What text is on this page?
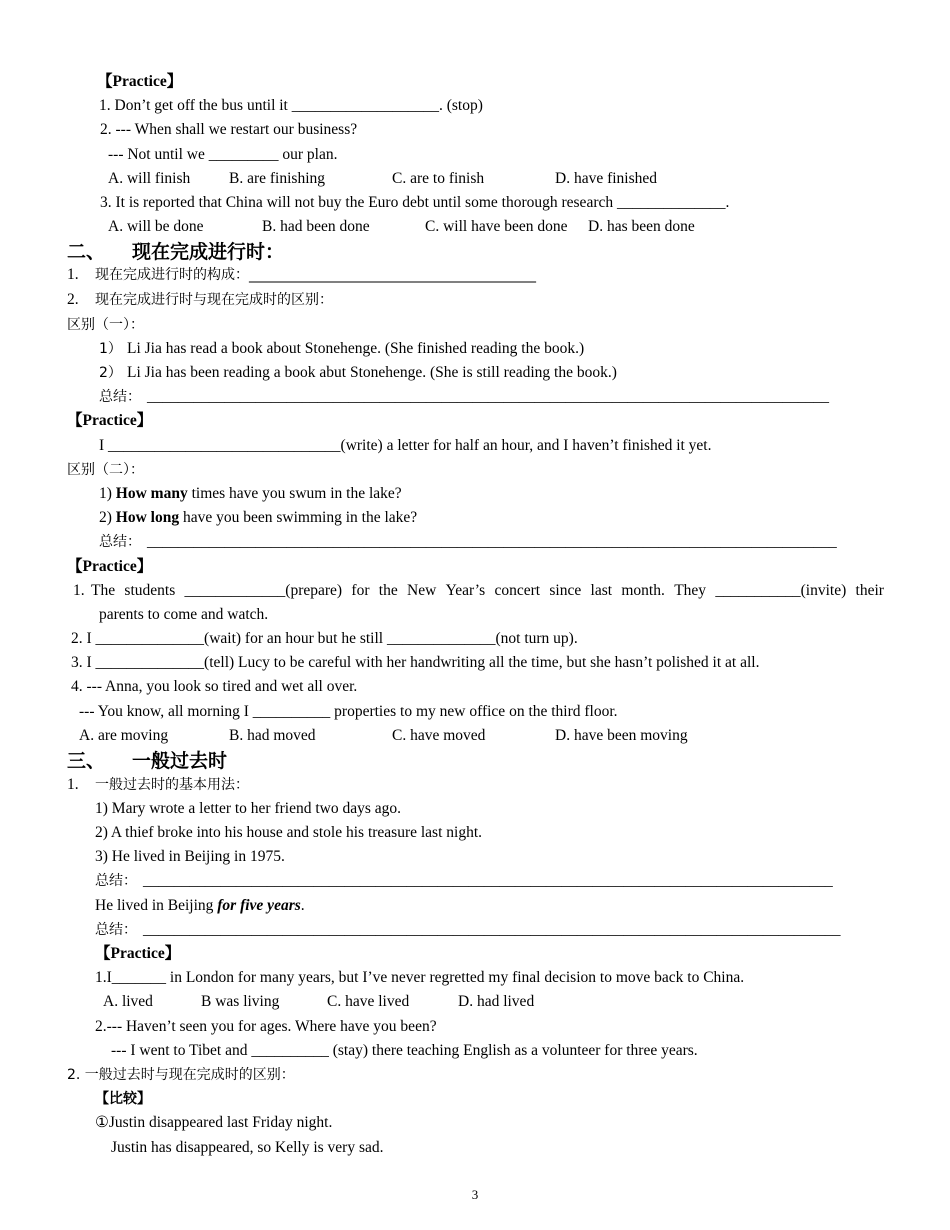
【Practice】
1. Don’t get off the bus until it ___________________. (stop)
2. --- When shall we restart our business?
--- Not until we _________ our plan.
A. will finish	B. are finishing	C. are to finish	D. have finished
3. It is reported that China will not buy the Euro debt until some thorough research ______________.
A. will be done	B. had been done	C. will have been done D. has been done
二、 现在完成进行时：
1. 现在完成进行时的构成：_________________________________________
2. 现在完成进行时与现在完成时的区别：
区别（一）：
1） Li Jia has read a book about Stonehenge. (She finished reading the book.)
2） Li Jia has been reading a book abut Stonehenge. (She is still reading the book.)
总结： ________________________________________________________________________________________
【Practice】
I ______________________________(write) a letter for half an hour, and I haven’t finished it yet.
区别（二）：
1) How many times have you swum in the lake?
2) How long have you been swimming in the lake?
总结： _________________________________________________________________________________________
【Practice】
1. The students _____________(prepare) for the New Year’s concert since last month. They ___________(invite) their
parents to come and watch.
2. I ______________(wait) for an hour but he still ______________(not turn up).
3. I ______________(tell) Lucy to be careful with her handwriting all the time, but she hasn’t polished it at all.
4. --- Anna, you look so tired and wet all over.
--- You know, all morning I __________ properties to my new office on the third floor.
A. are moving	B. had moved	C. have moved	D. have been moving
三、 一般过去时
1. 一般过去时的基本用法：
1) Mary wrote a letter to her friend two days ago.
2) A thief broke into his house and stole his treasure last night.
3) He lived in Beijing in 1975.
总结： _________________________________________________________________________________________
He lived in Beijing for five years.
总结： __________________________________________________________________________________________
【Practice】
1.I_______ in London for many years, but I’ve never regretted my final decision to move back to China.
A. lived	B was living	C. have lived	D. had lived
2.--- Haven’t seen you for ages. Where have you been?
--- I went to Tibet and __________ (stay) there teaching English as a volunteer for three years.
2. 一般过去时与现在完成时的区别：
【比较】
①Justin disappeared last Friday night.
Justin has disappeared, so Kelly is very sad.
3
